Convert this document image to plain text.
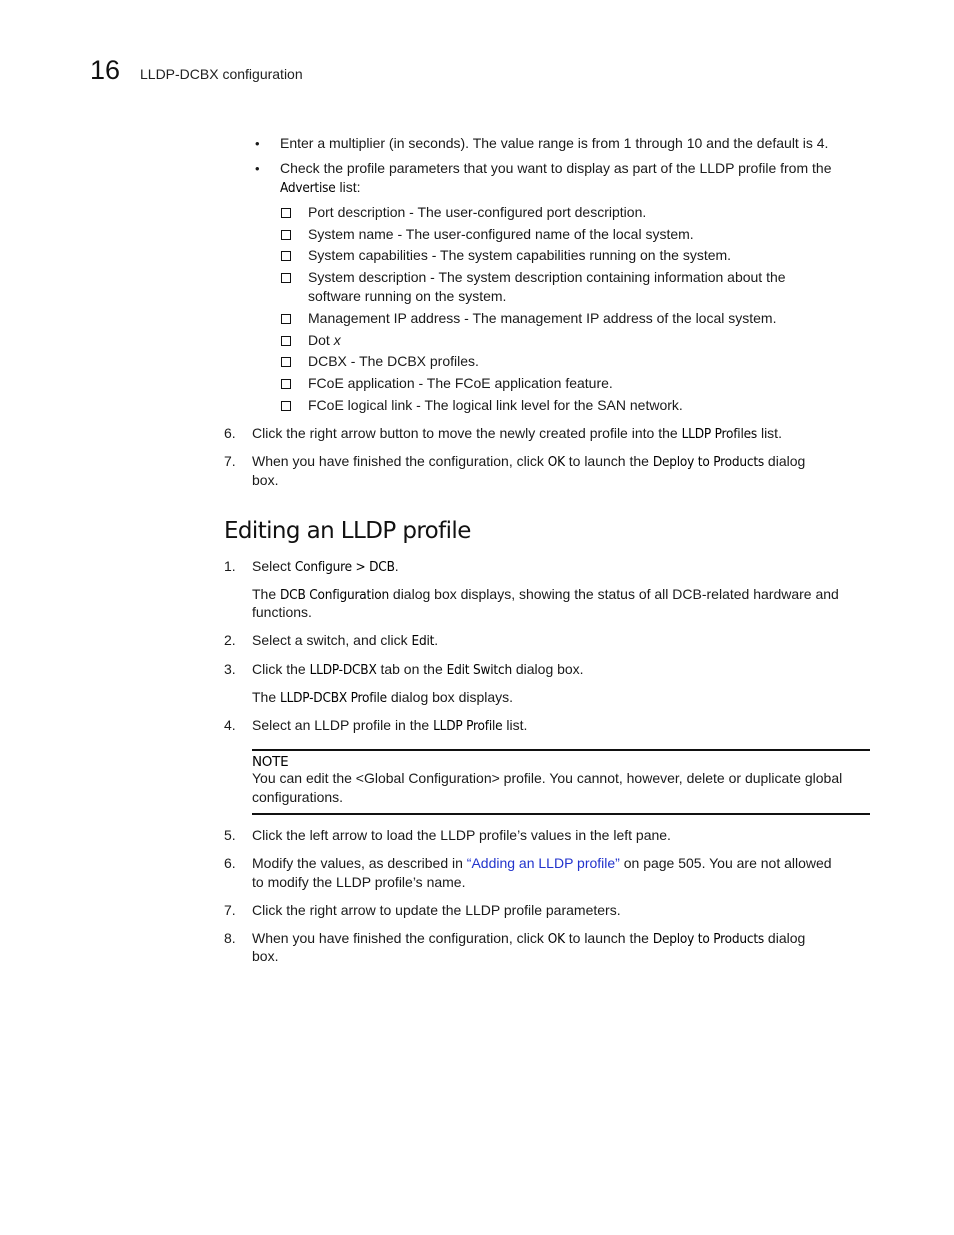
16 LLDP-DCBX configuration
• Enter a multiplier (in seconds). The value range is from 1 through 10 and the default is 4.
• Check the profile parameters that you want to display as part of the LLDP profile from the
Advertise list:
Port description - The user-configured port description.
System name - The user-configured name of the local system.
System capabilities - The system capabilities running on the system.
System description - The system description containing information about the
software running on the system.
Management IP address - The management IP address of the local system.
Dot x
DCBX - The DCBX profiles.
FCoE application - The FCoE application feature.
FCoE logical link - The logical link level for the SAN network.
6. Click the right arrow button to move the newly created profile into the LLDP Profiles list.
7. When you have finished the configuration, click OK to launch the Deploy to Products dialog
box.
Editing an LLDP profile
1. Select Configure > DCB.
The DCB Configuration dialog box displays, showing the status of all DCB-related hardware and
functions.
2. Select a switch, and click Edit.
3. Click the LLDP-DCBX tab on the Edit Switch dialog box.
The LLDP-DCBX Profile dialog box displays.
4. Select an LLDP profile in the LLDP Profile list.
NOTE
You can edit the <Global Configuration> profile. You cannot, however, delete or duplicate global
configurations.
5. Click the left arrow to load the LLDP profile’s values in the left pane.
6. Modify the values, as described in “Adding an LLDP profile” on page 505. You are not allowed
to modify the LLDP profile’s name.
7. Click the right arrow to update the LLDP profile parameters.
8. When you have finished the configuration, click OK to launch the Deploy to Products dialog
box.
